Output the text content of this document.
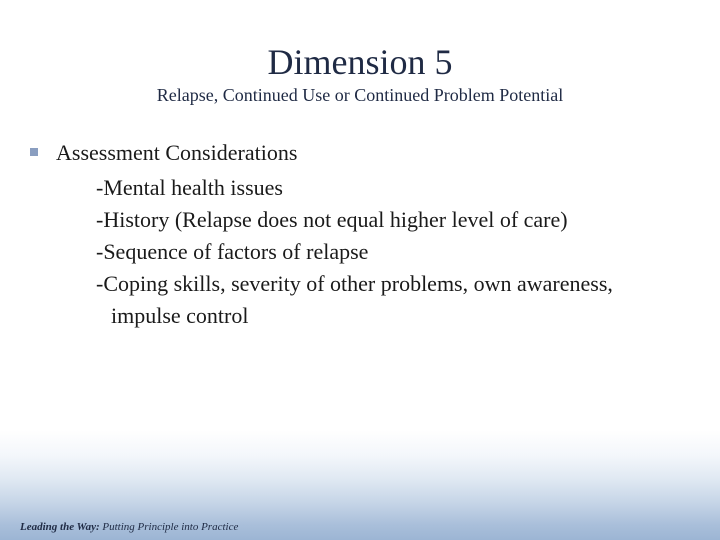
Dimension 5
Relapse, Continued Use or Continued Problem Potential
Assessment Considerations
-Mental health issues
-History (Relapse does not equal higher level of care)
-Sequence of factors of relapse
-Coping skills, severity of other problems, own awareness,
impulse control
Leading the Way: Putting Principle into Practice
